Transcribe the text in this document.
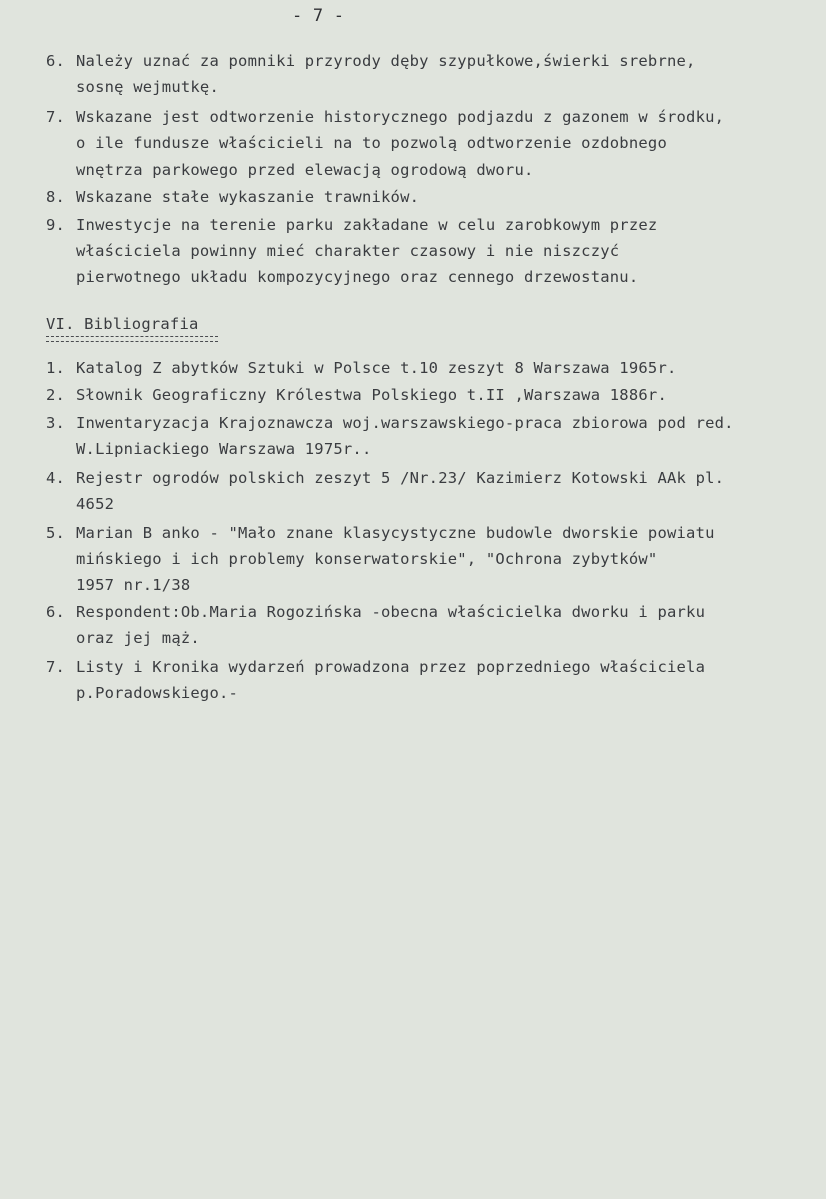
- 7 -
6. Należy uznać za pomniki przyrody dęby szypułkowe,świerki srebrne,
sosnę wejmutkę.
7. Wskazane jest odtworzenie historycznego podjazdu z gazonem w środku,
o ile fundusze właścicieli na to pozwolą odtworzenie ozdobnego
wnętrza parkowego przed elewacją ogrodową dworu.
8. Wskazane stałe wykaszanie trawników.
9. Inwestycje na terenie parku zakładane w celu zarobkowym przez
właściciela powinny mieć charakter czasowy i nie niszczyć
pierwotnego układu kompozycyjnego oraz cennego drzewostanu.
VI. Bibliografia
1. Katalog Z abytków Sztuki w Polsce t.10 zeszyt 8 Warszawa 1965r.
2. Słownik Geograficzny Królestwa Polskiego t.II ,Warszawa 1886r.
3. Inwentaryzacja Krajoznawcza woj.warszawskiego-praca zbiorowa pod red.
W.Lipniackiego Warszawa 1975r..
4. Rejestr ogrodów polskich zeszyt 5 /Nr.23/ Kazimierz Kotowski AAk pl.
4652
5. Marian B anko - "Mało znane klasycystyczne budowle dworskie powiatu
mińskiego i ich problemy konserwatorskie", "Ochrona zybytków"
1957 nr.1/38
6. Respondent:Ob.Maria Rogozińska -obecna właścicielka dworku i parku
oraz jej mąż.
7. Listy i Kronika wydarzeń prowadzona przez poprzedniego właściciela
p.Poradowskiego.-
